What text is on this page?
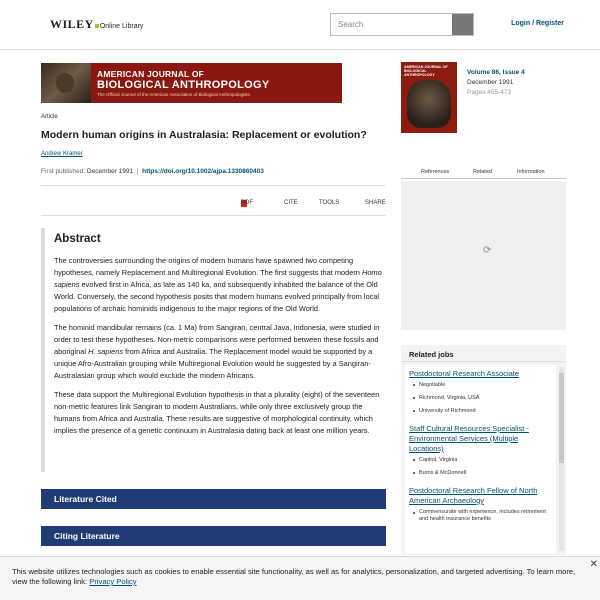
WILEY Online Library
Search	Login / Register
AMERICAN JOURNAL OF
BIOLOGICAL ANTHROPOLOGY
The Official Journal of the American Association of Biological Anthropologists
AMERICAN JOURNAL OF BIOLOGICAL ANTHROPOLOGY	Volume 86, Issue 4
December 1991
Pages 455-473
Article
Modern human origins in Australasia: Replacement or evolution?
Andrew Kramer
First published: December 1991 | https://doi.org/10.1002/ajpa.1330860403
PDF	CITE	TOOLS	SHARE
Abstract

The controversies surrounding the origins of modern humans have spawned two competing hypotheses, namely Replacement and Multiregional Evolution. The first suggests that modern Homo sapiens evolved first in Africa, as late as 140 ka, and subsequently inhabited the balance of the Old World. Conversely, the second hypothesis posits that modern humans evolved principally from local populations of archaic hominids indigenous to the major regions of the Old World.

The hominid mandibular remains (ca. 1 Ma) from Sangiran, central Java, Indonesia, were studied in order to test these hypotheses. Non-metric comparisons were performed between these fossils and aboriginal H. sapiens from Africa and Australia. The Replacement model would be supported by a unique Afro-Australian grouping while Multiregional Evolution would be suggested by a Sangiran-Australasian group which would exclude the modern Africans.

These data support the Multiregional Evolution hypothesis in that a plurality (eight) of the seventeen non-metric features link Sangiran to modern Australians, while only three exclusively group the humans from Africa and Australia. These results are suggestive of morphological continuity, which implies the presence of a genetic continuum in Australasia dating back at least one million years.

Literature Cited
Citing Literature
References	Related	Information
⟳
Related jobs
Postdoctoral Research Associate
Negotiable
Richmond, Virginia, USA
University of Richmond
Staff Cultural Resources Specialist - Environmental Services (Multiple Locations)
Capitol, Virginia
Burns & McDonnell
Postdoctoral Research Fellow of North American Archaeology
Commensurate with experience, includes retirement and health insurance benefits
This website utilizes technologies such as cookies to enable essential site functionality, as well as for analytics, personalization, and targeted advertising. To learn more, view the following link: Privacy Policy
✕
